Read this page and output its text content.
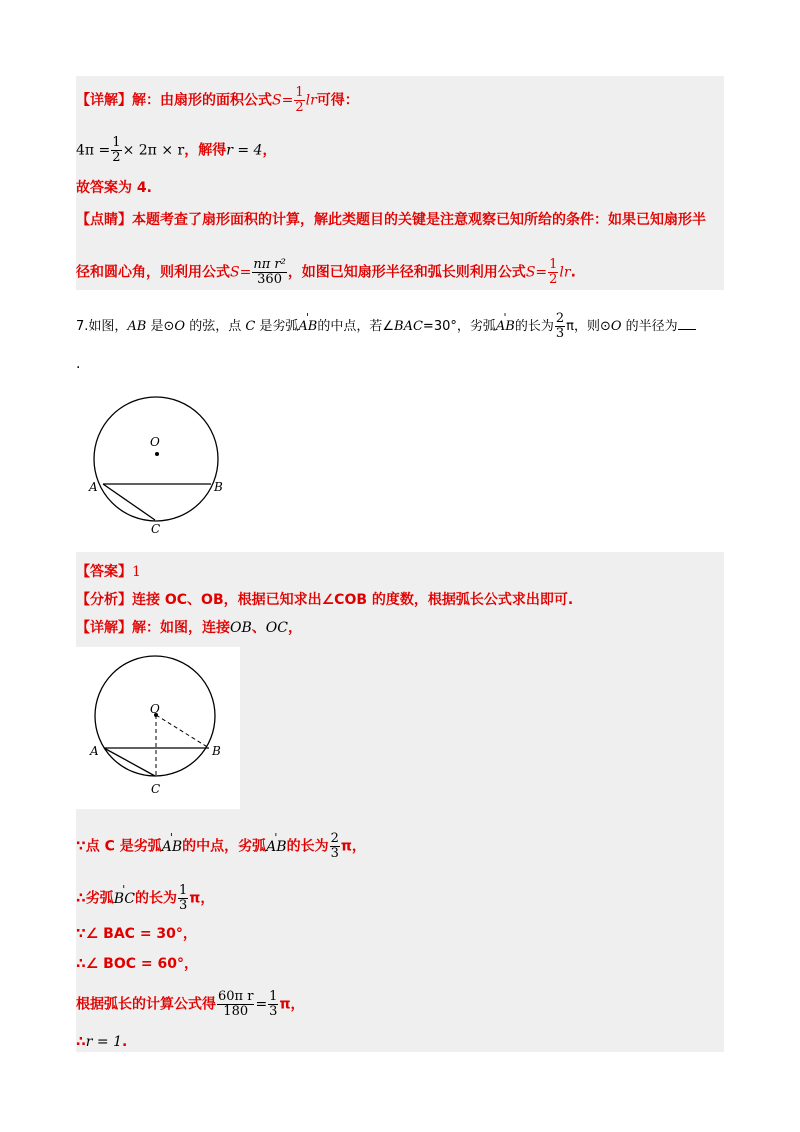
【详解】解：由扇形的面积公式$S= \frac{1}{2}$ lr可得：
$4\pi = \frac{1}{2} \times 2\pi \times r$，解得r = 4，
故答案为 4.
【点睛】本题考查了扇形面积的计算，解此类题目的关键是注意观察已知所给的条件：如果已知扇形半
径和圆心角，则利用公式$S= \frac{\text{nπ r²}}{360}$ ，如图已知扇形半径和弧长则利用公式$S= \frac{1}{2}$ lr.
7.如图，AB 是⊙O 的弦，点 C 是劣弧' AB的中点，若∠BAC=30°，劣弧' AB的长为 $\frac{2}{3}$ π，则⊙O 的半径为
.
O
A	B
C
【答案】1
【分析】连接 OC、OB，根据已知求出∠COB 的度数，根据弧长公式求出即可.
【详解】解：如图，连接OB、OC，
O
A	B
C
∵点 C 是劣弧' AB的中点，劣弧' AB的长为 $\frac{2}{3}$ π，
∴劣弧' BC的长为 $\frac{1}{3}$ π，
∵∠ BAC = 30°，
∴∠ BOC = 60°，
根据弧长的计算公式得 $\frac{\text{60π r}}{180} = \frac{1}{3}$ π，
∴r = 1.
